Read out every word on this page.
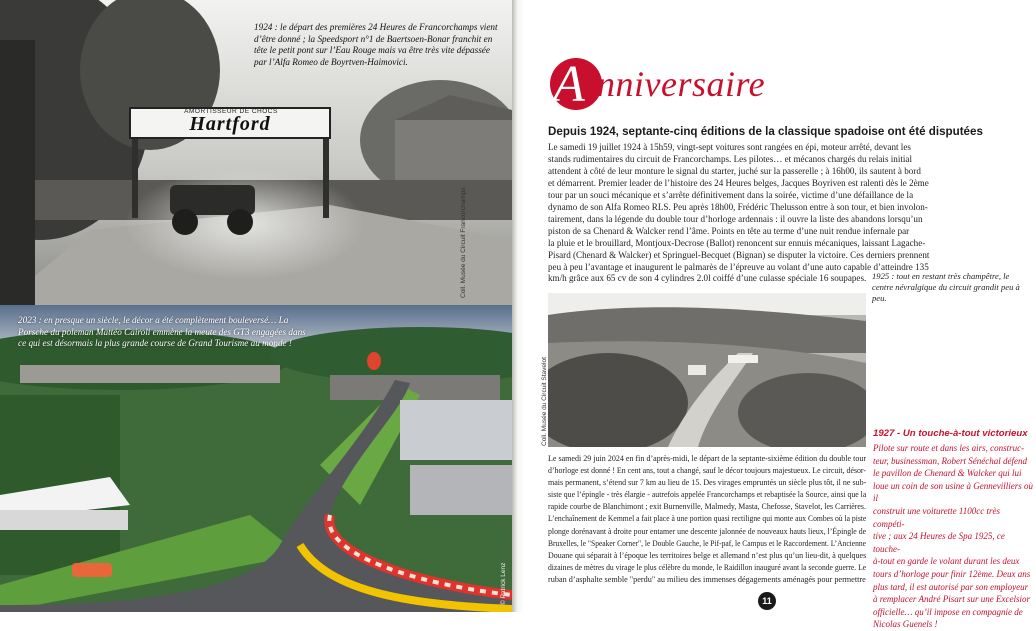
AMORTISSEUR DE CHOCS
Hartford
1924 : le départ des premières 24 Heures de Francorchamps vient d’être donné ; la Speedsport n°1 de Baertsoen-Bonar franchit en tête le petit pont sur l’Eau Rouge mais va être très vite dépassée par l’Alfa Romeo de Boyrtven-Haimovici.
Coll. Musée du Circuit Francorchamps
2023 : en presque un siècle, le décor a été complètement bouleversé… La Porsche du poleman Mattéo Cairoli emmène la meute des GT3 engagées dans ce qui est désormais la plus grande course de Grand Tourisme au monde !
© Patrick Lenz
A nniversaire
Depuis 1924, septante-cinq éditions de la classique spadoise ont été disputées
Le samedi 19 juillet 1924 à 15h59, vingt-sept voitures sont rangées en épi, moteur arrêté, devant les
stands rudimentaires du circuit de Francorchamps. Les pilotes… et mécanos chargés du relais initial
attendent à côté de leur monture le signal du starter, juché sur la passerelle ; à 16h00, ils sautent à bord
et démarrent. Premier leader de l’histoire des 24 Heures belges, Jacques Boyriven est ralenti dès le 2ème
tour par un souci mécanique et s’arrête définitivement dans la soirée, victime d’une défaillance de la
dynamo de son Alfa Romeo RLS. Peu après 18h00, Frédéric Thelusson entre à son tour, et bien involon-
tairement, dans la légende du double tour d’horloge ardennais : il ouvre la liste des abandons lorsqu’un
piston de sa Chenard & Walcker rend l’âme. Points en tête au terme d’une nuit rendue infernale par
la pluie et le brouillard, Montjoux-Decrose (Ballot) renoncent sur ennuis mécaniques, laissant Lagache-
Pisard (Chenard & Walcker) et Springuel-Becquet (Bignan) se disputer la victoire. Ces derniers prennent
peu à peu l’avantage et inaugurent le palmarès de l’épreuve au volant d’une auto capable d’atteindre 135
km/h grâce aux 65 cv de son 4 cylindres 2.0l coiffé d’une culasse spéciale 16 soupapes.
Coll. Musée du Circuit Stavelot
1925 : tout en restant très champêtre, le centre névralgique du circuit grandit peu à peu.
1927 - Un touche-à-tout victorieux
Pilote sur route et dans les airs, construc-
teur, businessman, Robert Sénéchal défend
le pavillon de Chenard & Walcker qui lui
loue un coin de son usine à Gennevilliers où il
construit une voiturette 1100cc très compéti-
tive ; aux 24 Heures de Spa 1925, ce touche-
à-tout en garde le volant durant les deux
tours d’horloge pour finir 12ème. Deux ans
plus tard, il est autorisé par son employeur
à remplacer André Pisart sur une Excelsior
officielle… qu’il impose en compagnie de
Nicolas Guenels !
Le samedi 29 juin 2024 en fin d’après-midi, le départ de la septante-sixième édition du double tour
d’horloge est donné ! En cent ans, tout a changé, sauf le décor toujours majestueux. Le circuit, désor-
mais permanent, s’étend sur 7 km au lieu de 15. Des virages empruntés un siècle plus tôt, il ne sub-
siste que l’épingle - très élargie - autrefois appelée Francorchamps et rebaptisée la Source, ainsi que la
rapide courbe de Blanchimont ; exit Burnenville, Malmedy, Masta, Chefosse, Stavelot, les Carrières.
L’enchaînement de Kemmel a fait place à une portion quasi rectiligne qui monte aux Combes où la piste
plonge dorénavant à droite pour entamer une descente jalonnée de nouveaux hauts lieux, l’Épingle de
Bruxelles, le "Speaker Corner", le Double Gauche, le Pif-paf, le Campus et le Raccordement. L’Ancienne
Douane qui séparait à l’époque les territoires belge et allemand n’est plus qu’un lieu-dit, à quelques
dizaines de mètres du virage le plus célèbre du monde, le Raidillon inauguré avant la seconde guerre. Le
ruban d’asphalte semble "perdu" au milieu des immenses dégagements aménagés pour permettre
11
